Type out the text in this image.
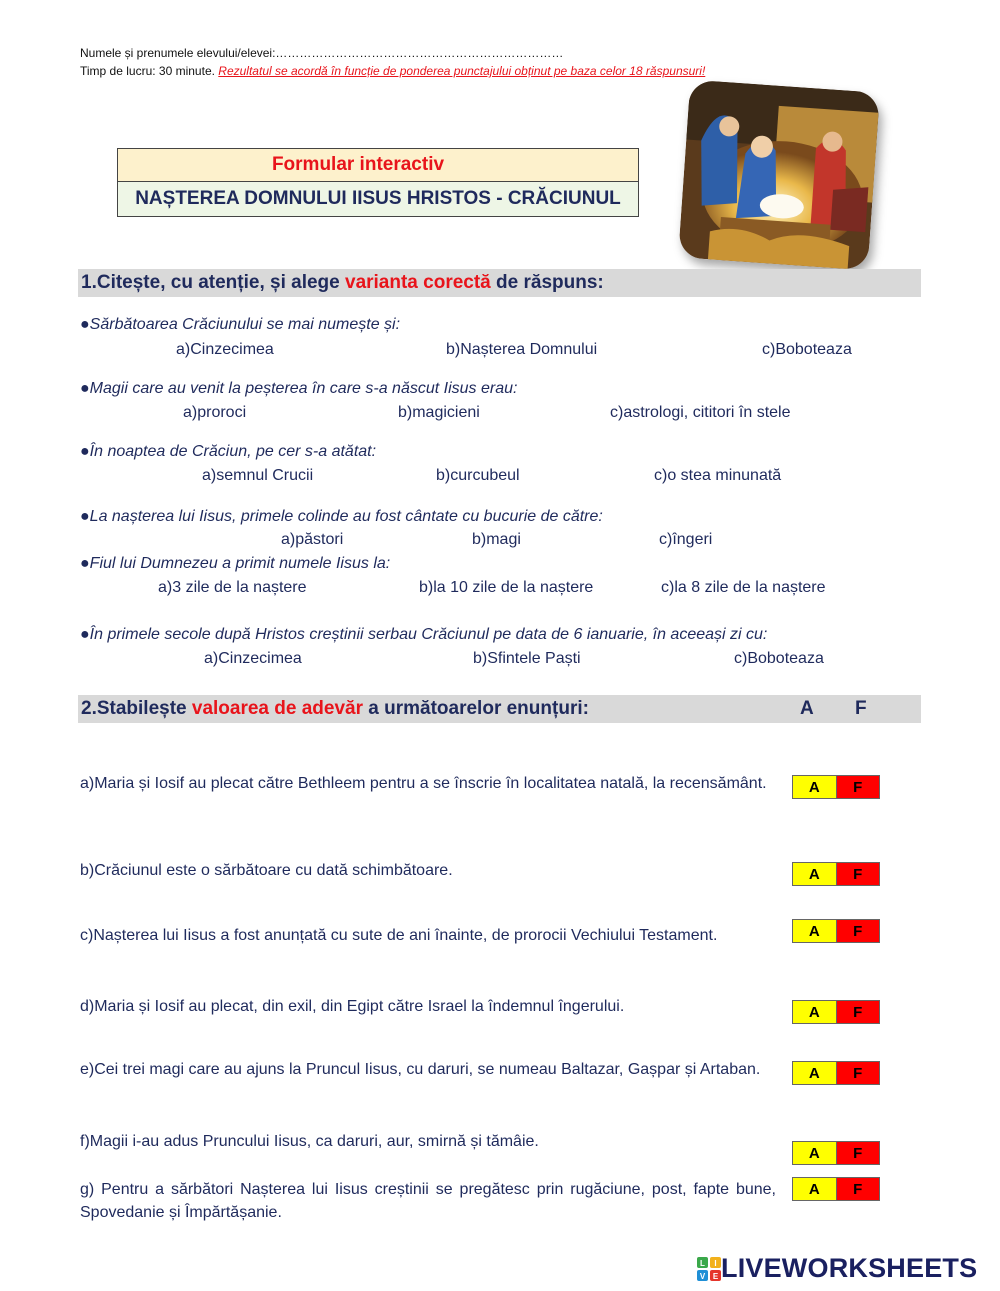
Numele și prenumele elevului/elevei:………………………………………………………………
Timp de lucru: 30 minute. Rezultatul se acordă în funcție de ponderea punctajului obținut pe baza celor 18 răspunsuri!
Formular interactiv
NAȘTEREA DOMNULUI IISUS HRISTOS - CRĂCIUNUL
1.Citește, cu atenție, și alege varianta corectă de răspuns:
●Sărbătoarea Crăciunului se mai numește și:
a)Cinzecimea	b)Nașterea Domnului	c)Boboteaza
●Magii care au venit la peșterea în care s-a născut Iisus erau:
a)proroci	b)magicieni	c)astrologi, cititori în stele
●În noaptea de Crăciun, pe cer s-a atătat:
a)semnul Crucii	b)curcubeul	c)o stea minunată
●La nașterea lui Iisus, primele colinde au fost cântate cu bucurie de către:
a)păstori	b)magi	c)îngeri
●Fiul lui Dumnezeu a primit numele Iisus la:
a)3 zile de la naștere	b)la 10 zile de la naștere	c)la 8 zile de la naștere
●În primele secole după Hristos creștinii serbau Crăciunul pe data de 6 ianuarie, în aceeași zi cu:
a)Cinzecimea	b)Sfintele Paști	c)Boboteaza
2.Stabilește valoarea de adevăr a următoarelor enunțuri:	A F
a)Maria și Iosif au plecat către Bethleem pentru a se înscrie în localitatea natală, la recensământ.	A	F
b)Crăciunul este o sărbătoare cu dată schimbătoare.	A	F
c)Nașterea lui Iisus a fost anunțată cu sute de ani înainte, de prorocii Vechiului Testament.	A	F
d)Maria și Iosif au plecat, din exil, din Egipt către Israel la îndemnul îngerului.	A	F
e)Cei trei magi care au ajuns la Pruncul Iisus, cu daruri, se numeau Baltazar, Gașpar și Artaban.	A	F
f)Magii i-au adus Pruncului Iisus, ca daruri, aur, smirnă și tămâie.
A	F
g) Pentru a sărbători Nașterea lui Iisus creștinii se pregătesc prin rugăciune, post, fapte bune, Spovedanie și Împărtășanie.
A	F
L I
V E LIVEWORKSHEETS
